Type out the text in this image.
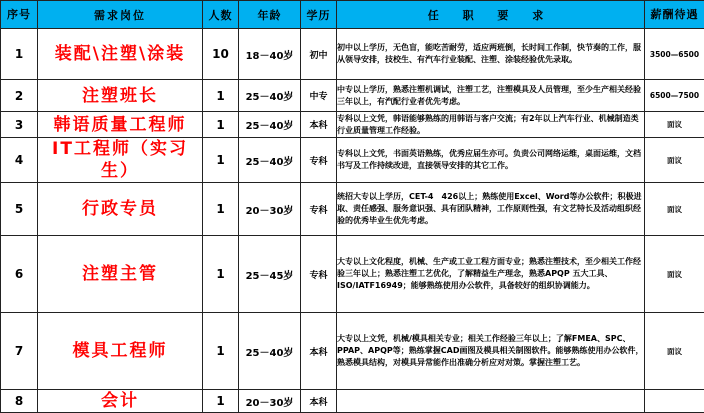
序号	需求岗位	人数	年龄	学历	任 职 要 求	薪酬待遇
1	装配\注塑\涂装	10	18－40岁	初中	初中以上学历，无色盲，能吃苦耐劳，适应两班倒，长时间工作制，快节奏的工作，服从领导安排，技校生、有汽车行业装配、注塑、涂装经验优先录取。	3500—6500
2	注塑班长	1	25－40岁	中专	中专以上学历，熟悉注塑机调试，注塑工艺，注塑模具及人员管理，至少生产相关经验三年以上，有汽配行业者优先考虑。	6500—7500
3	韩语质量工程师	1	25－40岁	本科	专科以上文凭，韩语能够熟练的用韩语与客户交流；有2年以上汽车行业、机械制造类行业质量管理工作经验。	面议
4	IT工程师（实习生）	1	25－40岁	专科	专科以上文凭，书面英语熟练，优秀应届生亦可。负责公司网络运维，桌面运维，文档书写及工作持续改进，直接领导安排的其它工作。	面议
5	行政专员	1	20－30岁	专科	统招大专以上学历，CET-4　426以上；熟练使用Excel、Word等办公软件；积极进取、责任感强、服务意识强、具有团队精神，工作原则性强，有文艺特长及活动组织经验的优秀毕业生优先考虑。	面议
6	注塑主管	1	25－45岁	专科	大专以上文化程度，机械、生产或工业工程方面专业；熟悉注塑技术，至少相关工作经验三年以上；熟悉注塑工艺优化，了解精益生产理念，熟悉APQP 五大工具、ISO/IATF16949；能够熟练使用办公软件，具备较好的组织协调能力。	面议
7	模具工程师	1	25－40岁	本科	大专以上文凭，机械/模具相关专业；相关工作经验三年以上；了解FMEA、SPC、PPAP、APQP等；熟练掌握CAD画图及模具相关制图软件。能够熟练使用办公软件，熟悉模具结构，对模具异常能作出准确分析应对对策。掌握注塑工艺。	面议
8	会计	1	20－30岁	本科		
